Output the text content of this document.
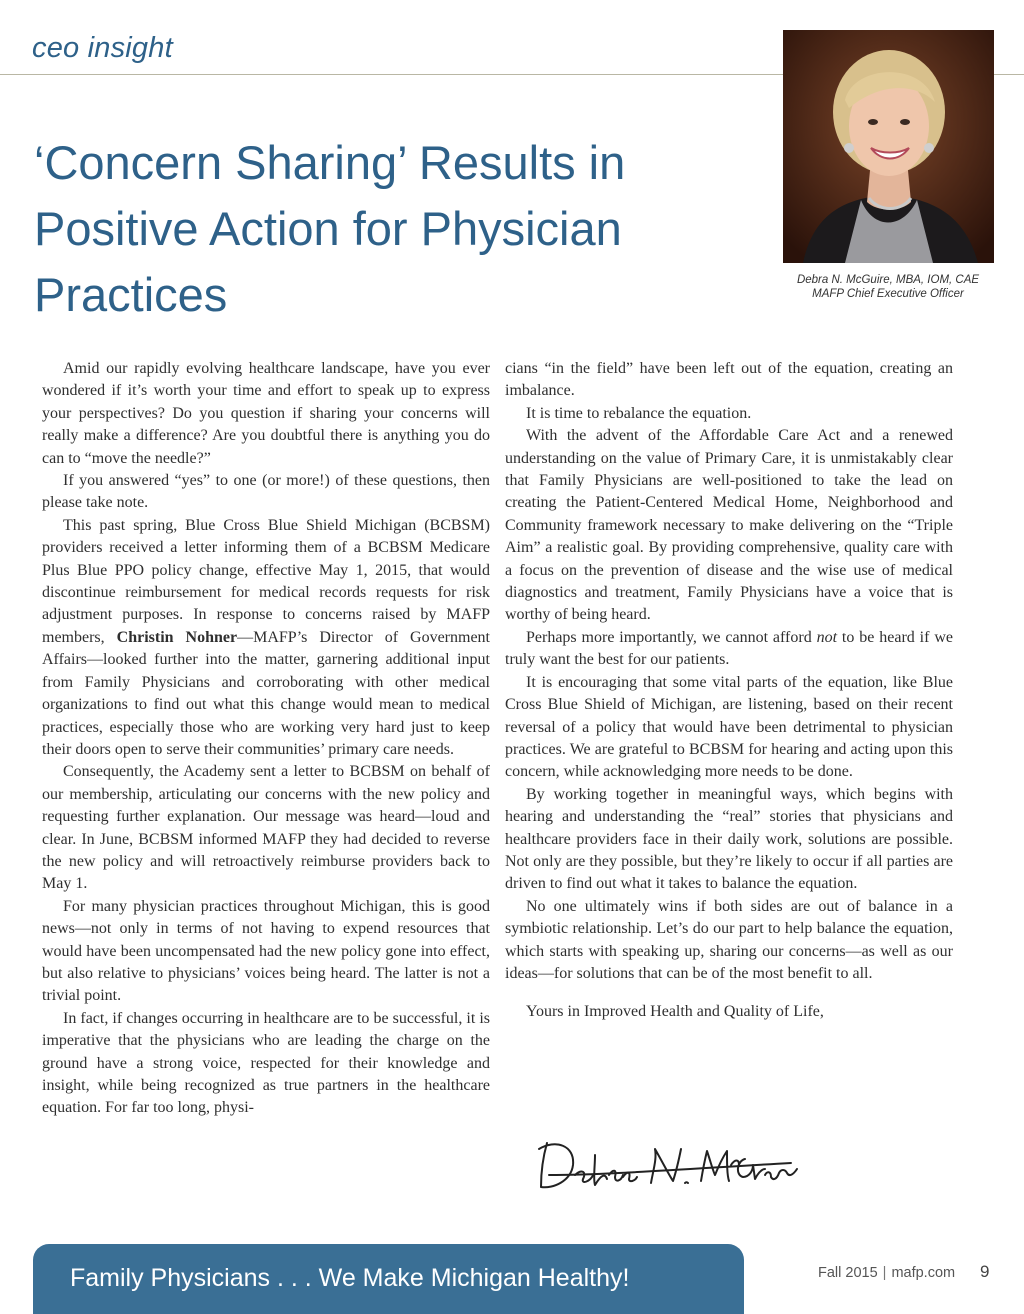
ceo insight
Debra N. McGuire, MBA, IOM, CAE
MAFP Chief Executive Officer
‘Concern Sharing’ Results in
Positive Action for Physician
Practices

Amid our rapidly evolving healthcare landscape, have you ever wondered if it’s worth your time and effort to speak up to express your perspectives? Do you question if sharing your concerns will really make a difference? Are you doubtful there is anything you do can to “move the needle?”

If you answered “yes” to one (or more!) of these questions, then please take note.

This past spring, Blue Cross Blue Shield Michigan (BCBSM) providers received a letter informing them of a BCBSM Medicare Plus Blue PPO policy change, effective May 1, 2015, that would discontinue reimbursement for medical records requests for risk adjustment purposes. In response to concerns raised by MAFP members, Christin Nohner—MAFP’s Director of Government Affairs—looked further into the matter, garnering additional input from Family Physicians and corroborating with other medical organizations to find out what this change would mean to medical practices, especially those who are working very hard just to keep their doors open to serve their communities’ primary care needs.

Consequently, the Academy sent a letter to BCBSM on behalf of our membership, articulating our concerns with the new policy and requesting further explanation. Our message was heard—loud and clear. In June, BCBSM informed MAFP they had decided to reverse the new policy and will retroactively reimburse providers back to May 1.

For many physician practices throughout Michigan, this is good news—not only in terms of not having to expend resources that would have been uncompensated had the new policy gone into effect, but also relative to physicians’ voices being heard. The latter is not a trivial point.

In fact, if changes occurring in healthcare are to be successful, it is imperative that the physicians who are leading the charge on the ground have a strong voice, respected for their knowledge and insight, while being recognized as true partners in the healthcare equation. For far too long, physi-

cians “in the field” have been left out of the equation, creating an imbalance.

It is time to rebalance the equation.

With the advent of the Affordable Care Act and a renewed understanding on the value of Primary Care, it is unmistakably clear that Family Physicians are well-positioned to take the lead on creating the Patient-Centered Medical Home, Neighborhood and Community framework necessary to make delivering on the “Triple Aim” a realistic goal. By providing comprehensive, quality care with a focus on the prevention of disease and the wise use of medical diagnostics and treatment, Family Physicians have a voice that is worthy of being heard.

Perhaps more importantly, we cannot afford not to be heard if we truly want the best for our patients.

It is encouraging that some vital parts of the equation, like Blue Cross Blue Shield of Michigan, are listening, based on their recent reversal of a policy that would have been detrimental to physician practices. We are grateful to BCBSM for hearing and acting upon this concern, while acknowledging more needs to be done.

By working together in meaningful ways, which begins with hearing and understanding the “real” stories that physicians and healthcare providers face in their daily work, solutions are possible. Not only are they possible, but they’re likely to occur if all parties are driven to find out what it takes to balance the equation.

No one ultimately wins if both sides are out of balance in a symbiotic relationship. Let’s do our part to help balance the equation, which starts with speaking up, sharing our concerns—as well as our ideas—for solutions that can be of the most benefit to all.

Yours in Improved Health and Quality of Life,

Family Physicians . . . We Make Michigan Healthy!	Fall 2015 | mafp.com 9
